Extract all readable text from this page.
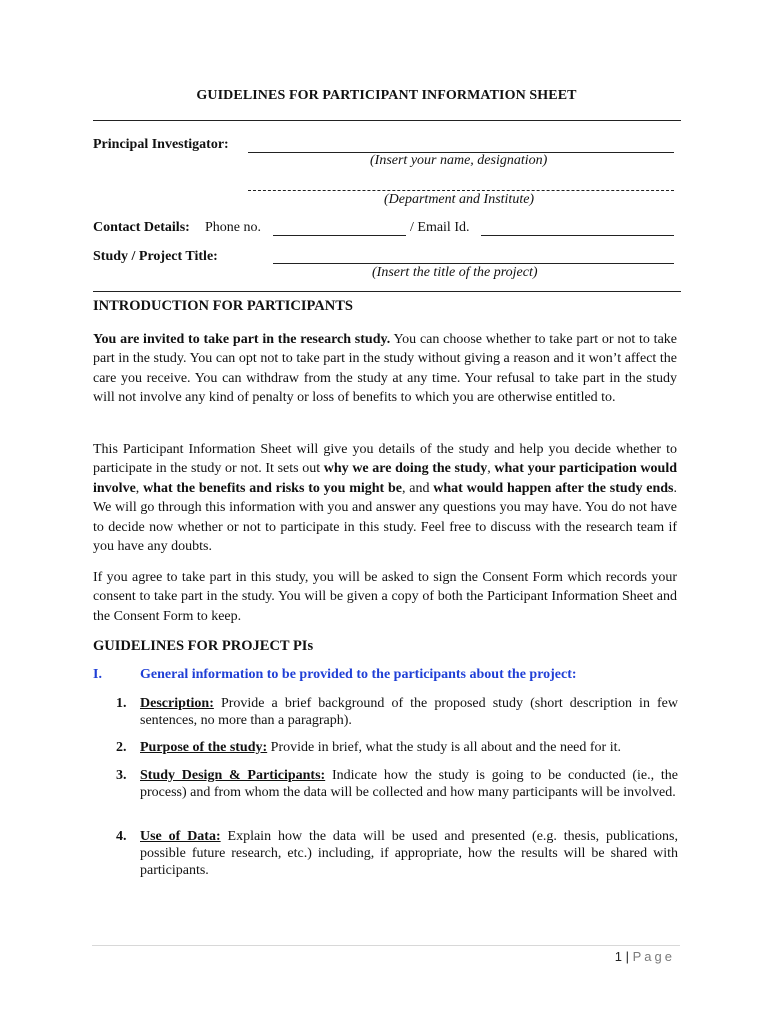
GUIDELINES FOR PARTICIPANT INFORMATION SHEET
Principal Investigator:
(Insert your name, designation)
(Department and Institute)
Contact Details: Phone no.	/ Email Id.
Study / Project Title:
(Insert the title of the project)
INTRODUCTION FOR PARTICIPANTS

You are invited to take part in the research study. You can choose whether to take part or not to take part in the study. You can opt not to take part in the study without giving a reason and it won’t affect the care you receive. You can withdraw from the study at any time. Your refusal to take part in the study will not involve any kind of penalty or loss of benefits to which you are otherwise entitled to.

This Participant Information Sheet will give you details of the study and help you decide whether to participate in the study or not. It sets out why we are doing the study, what your participation would involve, what the benefits and risks to you might be, and what would happen after the study ends. We will go through this information with you and answer any questions you may have. You do not have to decide now whether or not to participate in this study. Feel free to discuss with the research team if you have any doubts.

If you agree to take part in this study, you will be asked to sign the Consent Form which records your consent to take part in the study. You will be given a copy of both the Participant Information Sheet and the Consent Form to keep.

GUIDELINES FOR PROJECT PIs
I.	General information to be provided to the participants about the project:
1. Description: Provide a brief background of the proposed study (short description in few sentences, no more than a paragraph).
2. Purpose of the study: Provide in brief, what the study is all about and the need for it.
3. Study Design & Participants: Indicate how the study is going to be conducted (ie., the process) and from whom the data will be collected and how many participants will be involved.
4. Use of Data: Explain how the data will be used and presented (e.g. thesis, publications, possible future research, etc.) including, if appropriate, how the results will be shared with participants.
1 | Page
